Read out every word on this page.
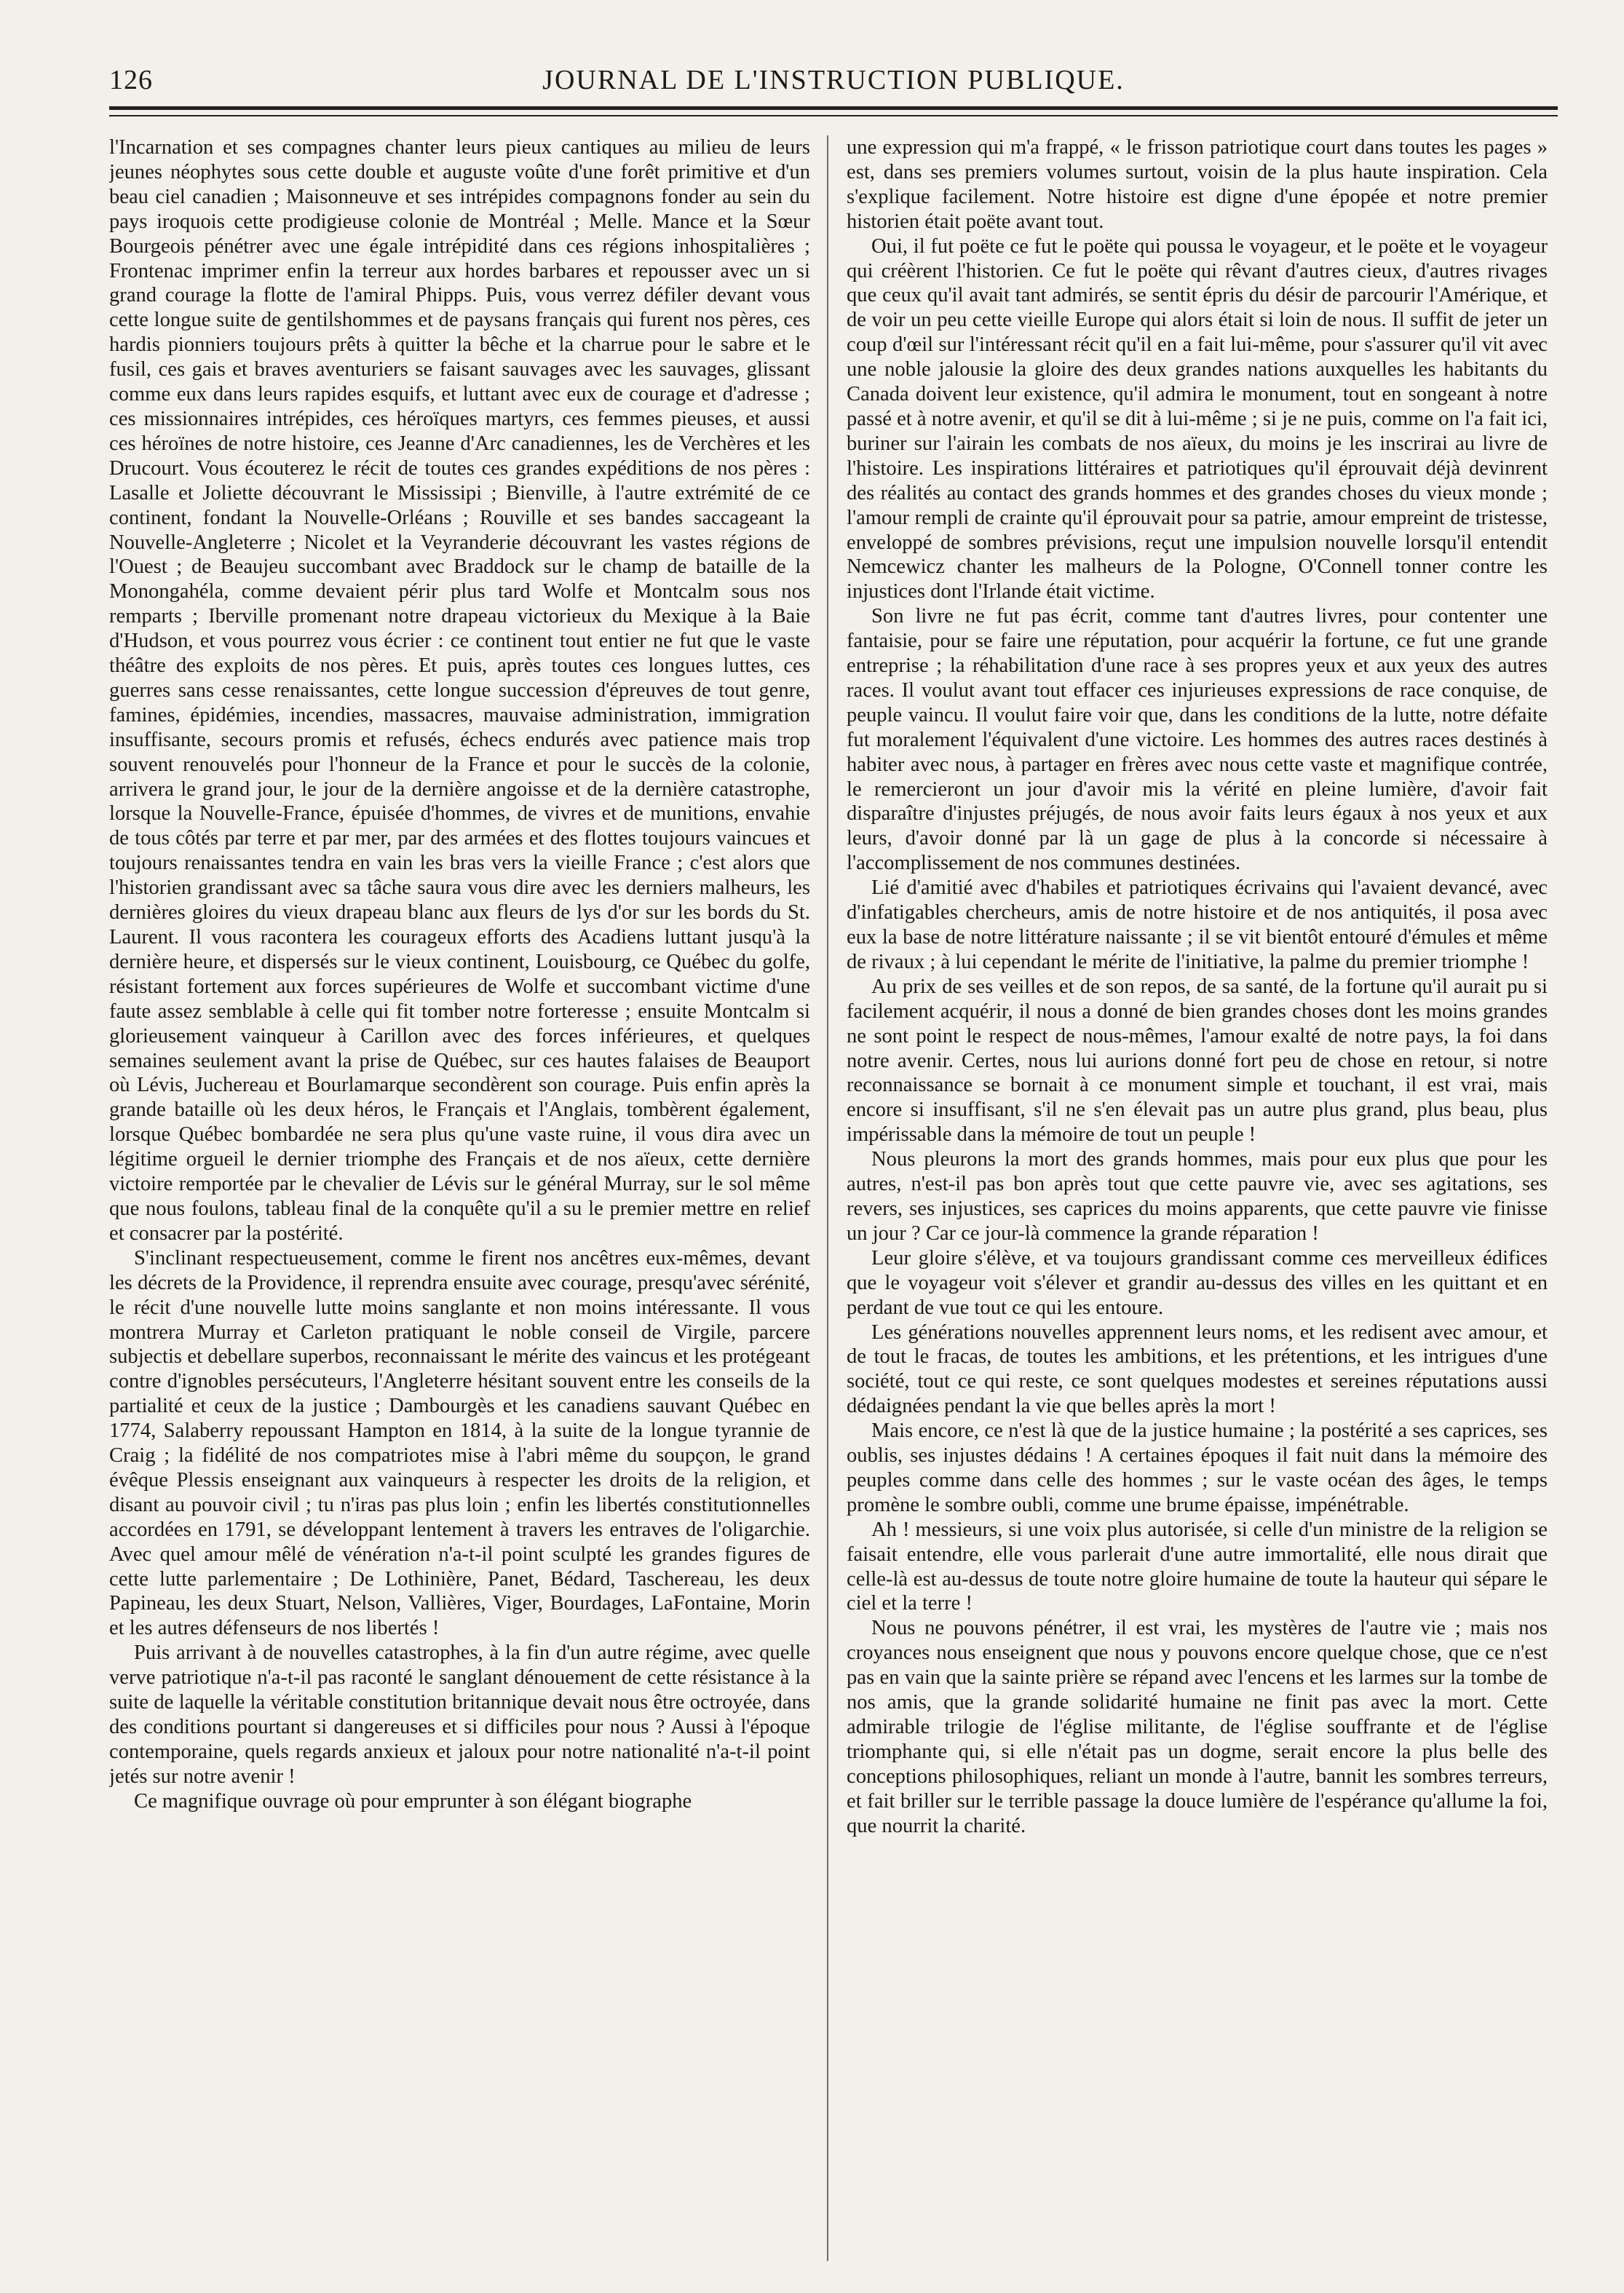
126	JOURNAL DE L'INSTRUCTION PUBLIQUE.

l'Incarnation et ses compagnes chanter leurs pieux cantiques au milieu de leurs jeunes néophytes sous cette double et auguste voûte d'une forêt primitive et d'un beau ciel canadien ; Maisonneuve et ses intrépides compagnons fonder au sein du pays iroquois cette prodigieuse colonie de Montréal ; Melle. Mance et la Sœur Bourgeois pénétrer avec une égale intrépidité dans ces régions inhospitalières ; Frontenac imprimer enfin la terreur aux hordes barbares et repousser avec un si grand courage la flotte de l'amiral Phipps. Puis, vous verrez défiler devant vous cette longue suite de gentilshommes et de paysans français qui furent nos pères, ces hardis pionniers toujours prêts à quitter la bêche et la charrue pour le sabre et le fusil, ces gais et braves aventuriers se faisant sauvages avec les sauvages, glissant comme eux dans leurs rapides esquifs, et luttant avec eux de courage et d'adresse ; ces missionnaires intrépides, ces héroïques martyrs, ces femmes pieuses, et aussi ces héroïnes de notre histoire, ces Jeanne d'Arc canadiennes, les de Verchères et les Drucourt. Vous écouterez le récit de toutes ces grandes expéditions de nos pères : Lasalle et Joliette découvrant le Mississipi ; Bienville, à l'autre extrémité de ce continent, fondant la Nouvelle-Orléans ; Rouville et ses bandes saccageant la Nouvelle-Angleterre ; Nicolet et la Veyranderie découvrant les vastes régions de l'Ouest ; de Beaujeu succombant avec Braddock sur le champ de bataille de la Monongahéla, comme devaient périr plus tard Wolfe et Montcalm sous nos remparts ; Iberville promenant notre drapeau victorieux du Mexique à la Baie d'Hudson, et vous pourrez vous écrier : ce continent tout entier ne fut que le vaste théâtre des exploits de nos pères. Et puis, après toutes ces longues luttes, ces guerres sans cesse renaissantes, cette longue succession d'épreuves de tout genre, famines, épidémies, incendies, massacres, mauvaise administration, immigration insuffisante, secours promis et refusés, échecs endurés avec patience mais trop souvent renouvelés pour l'honneur de la France et pour le succès de la colonie, arrivera le grand jour, le jour de la dernière angoisse et de la dernière catastrophe, lorsque la Nouvelle-France, épuisée d'hommes, de vivres et de munitions, envahie de tous côtés par terre et par mer, par des armées et des flottes toujours vaincues et toujours renaissantes tendra en vain les bras vers la vieille France ; c'est alors que l'historien grandissant avec sa tâche saura vous dire avec les derniers malheurs, les dernières gloires du vieux drapeau blanc aux fleurs de lys d'or sur les bords du St. Laurent. Il vous racontera les courageux efforts des Acadiens luttant jusqu'à la dernière heure, et dispersés sur le vieux continent, Louisbourg, ce Québec du golfe, résistant fortement aux forces supérieures de Wolfe et succombant victime d'une faute assez semblable à celle qui fit tomber notre forteresse ; ensuite Montcalm si glorieusement vainqueur à Carillon avec des forces inférieures, et quelques semaines seulement avant la prise de Québec, sur ces hautes falaises de Beauport où Lévis, Juchereau et Bourlamarque secondèrent son courage. Puis enfin après la grande bataille où les deux héros, le Français et l'Anglais, tombèrent également, lorsque Québec bombardée ne sera plus qu'une vaste ruine, il vous dira avec un légitime orgueil le dernier triomphe des Français et de nos aïeux, cette dernière victoire remportée par le chevalier de Lévis sur le général Murray, sur le sol même que nous foulons, tableau final de la conquête qu'il a su le premier mettre en relief et consacrer par la postérité.

S'inclinant respectueusement, comme le firent nos ancêtres eux-mêmes, devant les décrets de la Providence, il reprendra ensuite avec courage, presqu'avec sérénité, le récit d'une nouvelle lutte moins sanglante et non moins intéressante. Il vous montrera Murray et Carleton pratiquant le noble conseil de Virgile, parcere subjectis et debellare superbos, reconnaissant le mérite des vaincus et les protégeant contre d'ignobles persécuteurs, l'Angleterre hésitant souvent entre les conseils de la partialité et ceux de la justice ; Dambourgès et les canadiens sauvant Québec en 1774, Salaberry repoussant Hampton en 1814, à la suite de la longue tyrannie de Craig ; la fidélité de nos compatriotes mise à l'abri même du soupçon, le grand évêque Plessis enseignant aux vainqueurs à respecter les droits de la religion, et disant au pouvoir civil ; tu n'iras pas plus loin ; enfin les libertés constitutionnelles accordées en 1791, se développant lentement à travers les entraves de l'oligarchie. Avec quel amour mêlé de vénération n'a-t-il point sculpté les grandes figures de cette lutte parlementaire ; De Lothinière, Panet, Bédard, Taschereau, les deux Papineau, les deux Stuart, Nelson, Vallières, Viger, Bourdages, LaFontaine, Morin et les autres défenseurs de nos libertés !

Puis arrivant à de nouvelles catastrophes, à la fin d'un autre régime, avec quelle verve patriotique n'a-t-il pas raconté le sanglant dénouement de cette résistance à la suite de laquelle la véritable constitution britannique devait nous être octroyée, dans des conditions pourtant si dangereuses et si difficiles pour nous ? Aussi à l'époque contemporaine, quels regards anxieux et jaloux pour notre nationalité n'a-t-il point jetés sur notre avenir !

Ce magnifique ouvrage où pour emprunter à son élégant biographe

une expression qui m'a frappé, « le frisson patriotique court dans toutes les pages » est, dans ses premiers volumes surtout, voisin de la plus haute inspiration. Cela s'explique facilement. Notre histoire est digne d'une épopée et notre premier historien était poëte avant tout.

Oui, il fut poëte ce fut le poëte qui poussa le voyageur, et le poëte et le voyageur qui créèrent l'historien. Ce fut le poëte qui rêvant d'autres cieux, d'autres rivages que ceux qu'il avait tant admirés, se sentit épris du désir de parcourir l'Amérique, et de voir un peu cette vieille Europe qui alors était si loin de nous. Il suffit de jeter un coup d'œil sur l'intéressant récit qu'il en a fait lui-même, pour s'assurer qu'il vit avec une noble jalousie la gloire des deux grandes nations auxquelles les habitants du Canada doivent leur existence, qu'il admira le monument, tout en songeant à notre passé et à notre avenir, et qu'il se dit à lui-même ; si je ne puis, comme on l'a fait ici, buriner sur l'airain les combats de nos aïeux, du moins je les inscrirai au livre de l'histoire. Les inspirations littéraires et patriotiques qu'il éprouvait déjà devinrent des réalités au contact des grands hommes et des grandes choses du vieux monde ; l'amour rempli de crainte qu'il éprouvait pour sa patrie, amour empreint de tristesse, enveloppé de sombres prévisions, reçut une impulsion nouvelle lorsqu'il entendit Nemcewicz chanter les malheurs de la Pologne, O'Connell tonner contre les injustices dont l'Irlande était victime.

Son livre ne fut pas écrit, comme tant d'autres livres, pour contenter une fantaisie, pour se faire une réputation, pour acquérir la fortune, ce fut une grande entreprise ; la réhabilitation d'une race à ses propres yeux et aux yeux des autres races. Il voulut avant tout effacer ces injurieuses expressions de race conquise, de peuple vaincu. Il voulut faire voir que, dans les conditions de la lutte, notre défaite fut moralement l'équivalent d'une victoire. Les hommes des autres races destinés à habiter avec nous, à partager en frères avec nous cette vaste et magnifique contrée, le remercieront un jour d'avoir mis la vérité en pleine lumière, d'avoir fait disparaître d'injustes préjugés, de nous avoir faits leurs égaux à nos yeux et aux leurs, d'avoir donné par là un gage de plus à la concorde si nécessaire à l'accomplissement de nos communes destinées.

Lié d'amitié avec d'habiles et patriotiques écrivains qui l'avaient devancé, avec d'infatigables chercheurs, amis de notre histoire et de nos antiquités, il posa avec eux la base de notre littérature naissante ; il se vit bientôt entouré d'émules et même de rivaux ; à lui cependant le mérite de l'initiative, la palme du premier triomphe !

Au prix de ses veilles et de son repos, de sa santé, de la fortune qu'il aurait pu si facilement acquérir, il nous a donné de bien grandes choses dont les moins grandes ne sont point le respect de nous-mêmes, l'amour exalté de notre pays, la foi dans notre avenir. Certes, nous lui aurions donné fort peu de chose en retour, si notre reconnaissance se bornait à ce monument simple et touchant, il est vrai, mais encore si insuffisant, s'il ne s'en élevait pas un autre plus grand, plus beau, plus impérissable dans la mémoire de tout un peuple !

Nous pleurons la mort des grands hommes, mais pour eux plus que pour les autres, n'est-il pas bon après tout que cette pauvre vie, avec ses agitations, ses revers, ses injustices, ses caprices du moins apparents, que cette pauvre vie finisse un jour ? Car ce jour-là commence la grande réparation !

Leur gloire s'élève, et va toujours grandissant comme ces merveilleux édifices que le voyageur voit s'élever et grandir au-dessus des villes en les quittant et en perdant de vue tout ce qui les entoure.

Les générations nouvelles apprennent leurs noms, et les redisent avec amour, et de tout le fracas, de toutes les ambitions, et les prétentions, et les intrigues d'une société, tout ce qui reste, ce sont quelques modestes et sereines réputations aussi dédaignées pendant la vie que belles après la mort !

Mais encore, ce n'est là que de la justice humaine ; la postérité a ses caprices, ses oublis, ses injustes dédains ! A certaines époques il fait nuit dans la mémoire des peuples comme dans celle des hommes ; sur le vaste océan des âges, le temps promène le sombre oubli, comme une brume épaisse, impénétrable.

Ah ! messieurs, si une voix plus autorisée, si celle d'un ministre de la religion se faisait entendre, elle vous parlerait d'une autre immortalité, elle nous dirait que celle-là est au-dessus de toute notre gloire humaine de toute la hauteur qui sépare le ciel et la terre !

Nous ne pouvons pénétrer, il est vrai, les mystères de l'autre vie ; mais nos croyances nous enseignent que nous y pouvons encore quelque chose, que ce n'est pas en vain que la sainte prière se répand avec l'encens et les larmes sur la tombe de nos amis, que la grande solidarité humaine ne finit pas avec la mort. Cette admirable trilogie de l'église militante, de l'église souffrante et de l'église triomphante qui, si elle n'était pas un dogme, serait encore la plus belle des conceptions philosophiques, reliant un monde à l'autre, bannit les sombres terreurs, et fait briller sur le terrible passage la douce lumière de l'espérance qu'allume la foi, que nourrit la charité.
